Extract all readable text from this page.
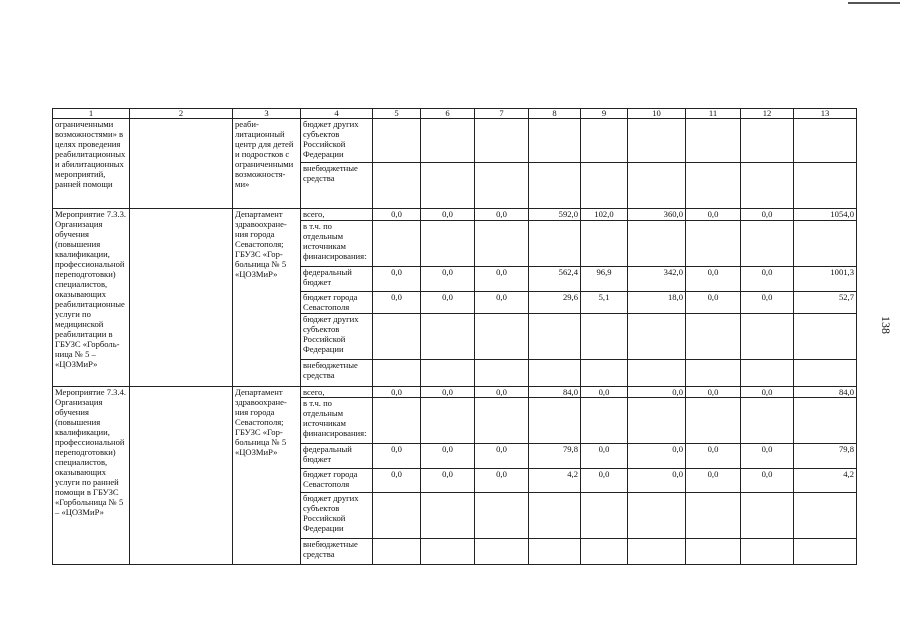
138
1	2	3	4	5	6	7	8	9	10	11	12	13
ограниченными возможностями» в целях проведения реабилитационных и абилитационных мероприятий, ранней помощи		реаби-литационный центр для детей и подростков с ограниченными возможностя-ми»	бюджет других субъектов Российской Федерации									
			внебюджетные средства									
Мероприятие 7.3.3. Организация обучения (повышения квалификации, профессиональной переподготовки) специалистов, оказывающих реабилитационные услуги по медицинской реабилитации в ГБУЗС «Горболь-ница № 5 – «ЦОЗМиР»		Департамент здравоохране-ния города Севастополя; ГБУЗС «Гор-больница № 5 «ЦОЗМиР»	всего,	0,0	0,0	0,0	592,0	102,0	360,0	0,0	0,0	1054,0
			в т.ч. по отдельным источникам финансирования:									
			федеральный бюджет	0,0	0,0	0,0	562,4	96,9	342,0	0,0	0,0	1001,3
			бюджет города Севастополя	0,0	0,0	0,0	29,6	5,1	18,0	0,0	0,0	52,7
			бюджет других субъектов Российской Федерации									
			внебюджетные средства									
Мероприятие 7.3.4. Организация обучения (повышения квалификации, профессиональной переподготовки) специалистов, оказывающих услуги по ранней помощи в ГБУЗС «Горбольница № 5 – «ЦОЗМиР»		Департамент здравоохране-ния города Севастополя; ГБУЗС «Гор-больница № 5 «ЦОЗМиР»	всего,	0,0	0,0	0,0	84,0	0,0	0,0	0,0	0,0	84,0
			в т.ч. по отдельным источникам финансирования:									
			федеральный бюджет	0,0	0,0	0,0	79,8	0,0	0,0	0,0	0,0	79,8
			бюджет города Севастополя	0,0	0,0	0,0	4,2	0,0	0,0	0,0	0,0	4,2
			бюджет других субъектов Российской Федерации									
			внебюджетные средства									
